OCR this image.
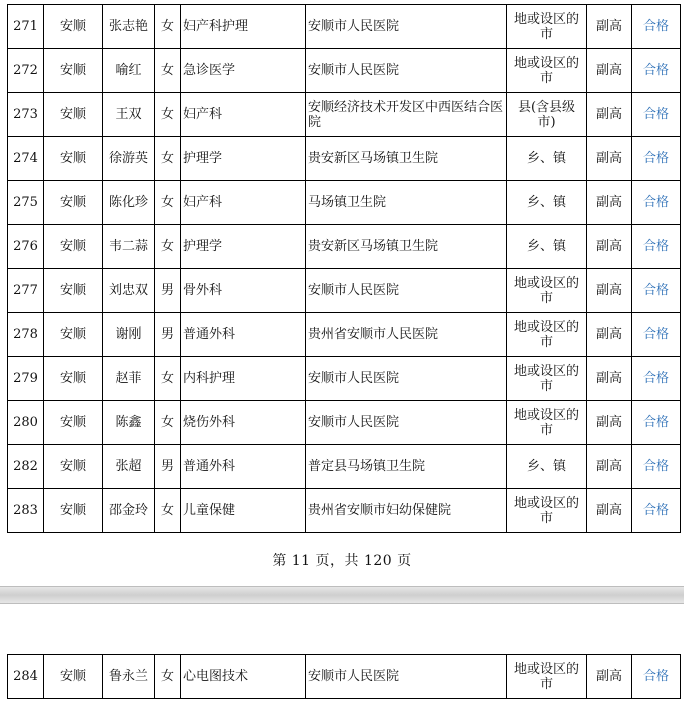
271	安顺	张志艳	女	妇产科护理	安顺市人民医院	地或设区的市	副高	合格
272	安顺	喻红	女	急诊医学	安顺市人民医院	地或设区的市	副高	合格
273	安顺	王双	女	妇产科	安顺经济技术开发区中西医结合医院	县(含县级市)	副高	合格
274	安顺	徐游英	女	护理学	贵安新区马场镇卫生院	乡、镇	副高	合格
275	安顺	陈化珍	女	妇产科	马场镇卫生院	乡、镇	副高	合格
276	安顺	韦二蒜	女	护理学	贵安新区马场镇卫生院	乡、镇	副高	合格
277	安顺	刘忠双	男	骨外科	安顺市人民医院	地或设区的市	副高	合格
278	安顺	谢刚	男	普通外科	贵州省安顺市人民医院	地或设区的市	副高	合格
279	安顺	赵菲	女	内科护理	安顺市人民医院	地或设区的市	副高	合格
280	安顺	陈鑫	女	烧伤外科	安顺市人民医院	地或设区的市	副高	合格
282	安顺	张超	男	普通外科	普定县马场镇卫生院	乡、镇	副高	合格
283	安顺	邵金玲	女	儿童保健	贵州省安顺市妇幼保健院	地或设区的市	副高	合格
第 11 页，共 120 页
284	安顺	鲁永兰	女	心电图技术	安顺市人民医院	地或设区的市	副高	合格
